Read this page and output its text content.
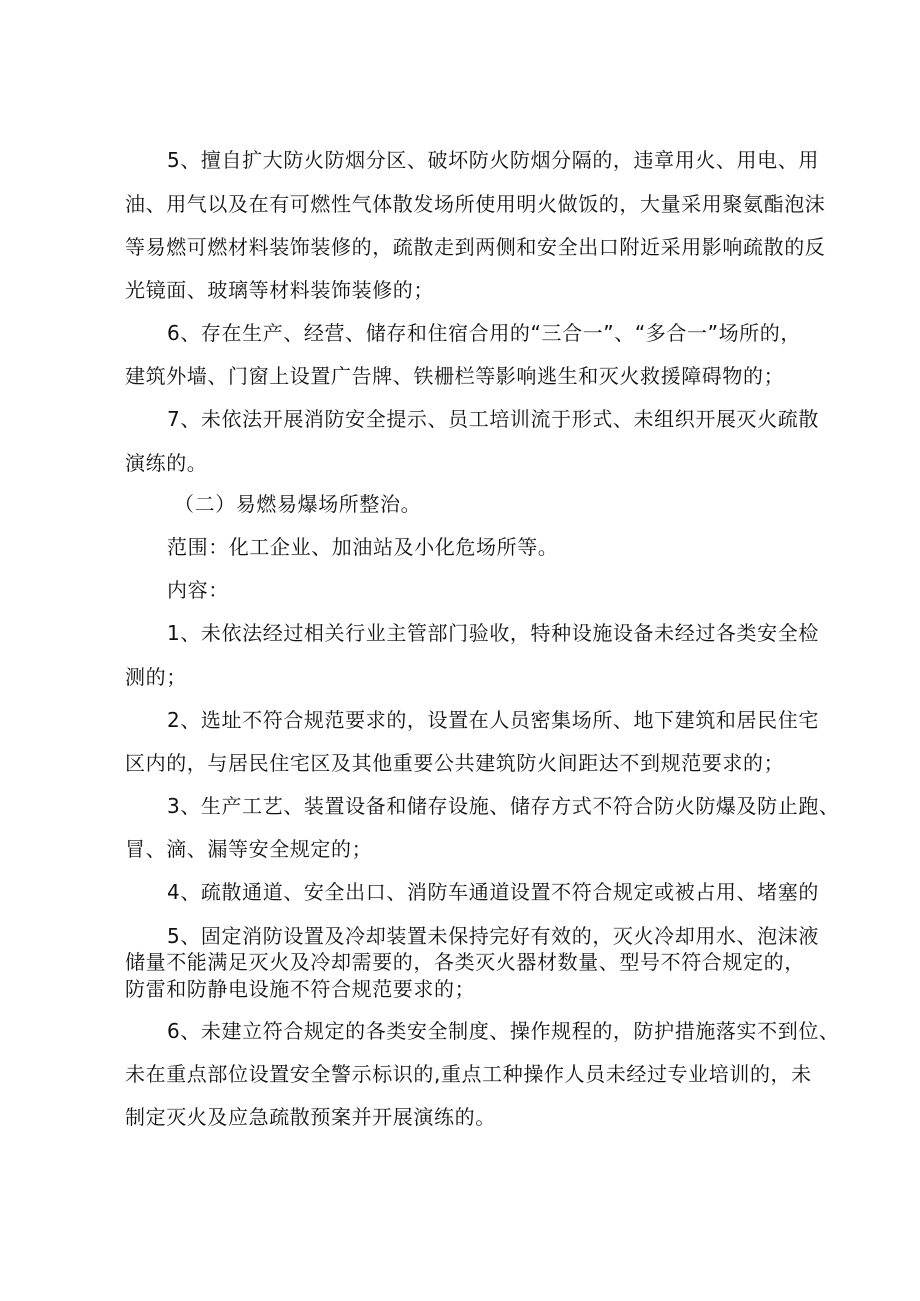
5、擅自扩大防火防烟分区、破坏防火防烟分隔的，违章用火、用电、用
油、用气以及在有可燃性气体散发场所使用明火做饭的，大量采用聚氨酯泡沫
等易燃可燃材料装饰装修的，疏散走到两侧和安全出口附近采用影响疏散的反
光镜面、玻璃等材料装饰装修的；
6、存在生产、经营、储存和住宿合用的“三合一”、“多合一”场所的，
建筑外墙、门窗上设置广告牌、铁栅栏等影响逃生和灭火救援障碍物的；
7、未依法开展消防安全提示、员工培训流于形式、未组织开展灭火疏散
演练的。
（二）易燃易爆场所整治。
范围：化工企业、加油站及小化危场所等。
内容：
1、未依法经过相关行业主管部门验收，特种设施设备未经过各类安全检
测的；
2、选址不符合规范要求的，设置在人员密集场所、地下建筑和居民住宅
区内的，与居民住宅区及其他重要公共建筑防火间距达不到规范要求的；
3、生产工艺、装置设备和储存设施、储存方式不符合防火防爆及防止跑、
冒、滴、漏等安全规定的；
4、疏散通道、安全出口、消防车通道设置不符合规定或被占用、堵塞的
5、固定消防设置及冷却装置未保持完好有效的，灭火冷却用水、泡沫液
储量不能满足灭火及冷却需要的，各类灭火器材数量、型号不符合规定的，
防雷和防静电设施不符合规范要求的；
6、未建立符合规定的各类安全制度、操作规程的，防护措施落实不到位、
未在重点部位设置安全警示标识的,重点工种操作人员未经过专业培训的，未
制定灭火及应急疏散预案并开展演练的。
